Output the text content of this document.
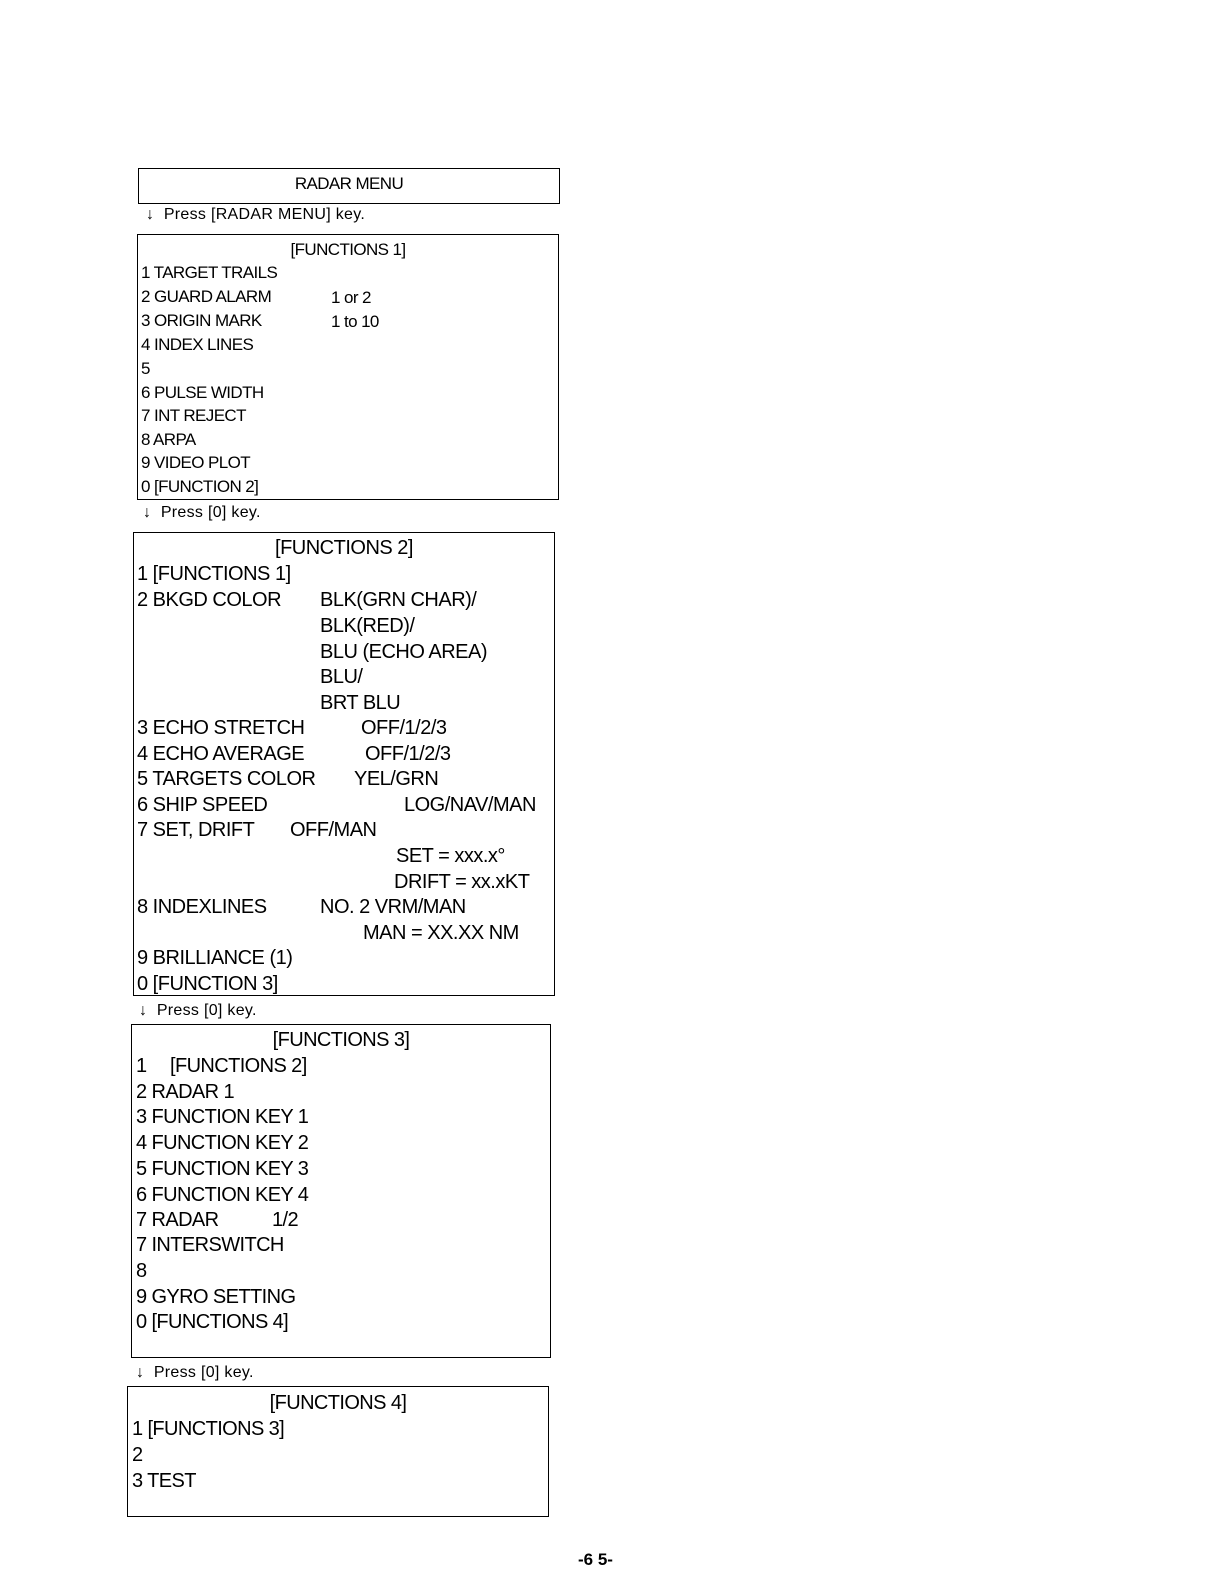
RADAR MENU
↓ Press [RADAR MENU] key.
[FUNCTIONS 1]
1 TARGET TRAILS
2 GUARD ALARM	1 or 2
3 ORIGIN MARK	1 to 10
4 INDEX LINES
5
6 PULSE WIDTH
7 INT REJECT
8 ARPA
9 VIDEO PLOT
0 [FUNCTION 2]
↓ Press [0] key.
[FUNCTIONS 2]
1 [FUNCTIONS 1]
2 BKGD COLOR BLK(GRN CHAR)/
BLK(RED)/
BLU (ECHO AREA)
BLU/
BRT BLU
3 ECHO STRETCH	OFF/1/2/3
4 ECHO AVERAGE	OFF/1/2/3
5 TARGETS COLOR YEL/GRN
6 SHIP SPEED	LOG/NAV/MAN
7 SET, DRIFT OFF/MAN
SET = xxx.x°
DRIFT = xx.xKT
8 INDEXLINES	NO. 2 VRM/MAN
MAN = XX.XX NM
9 BRILLIANCE (1)
0 [FUNCTION 3]
↓ Press [0] key.
[FUNCTIONS 3]
1 [FUNCTIONS 2]
2 RADAR 1
3 FUNCTION KEY 1
4 FUNCTION KEY 2
5 FUNCTION KEY 3
6 FUNCTION KEY 4
7 RADAR	1/2
7 INTERSWITCH
8
9 GYRO SETTING
0 [FUNCTIONS 4]
↓ Press [0] key.
[FUNCTIONS 4]
1 [FUNCTIONS 3]
2
3 TEST
-6 5-
